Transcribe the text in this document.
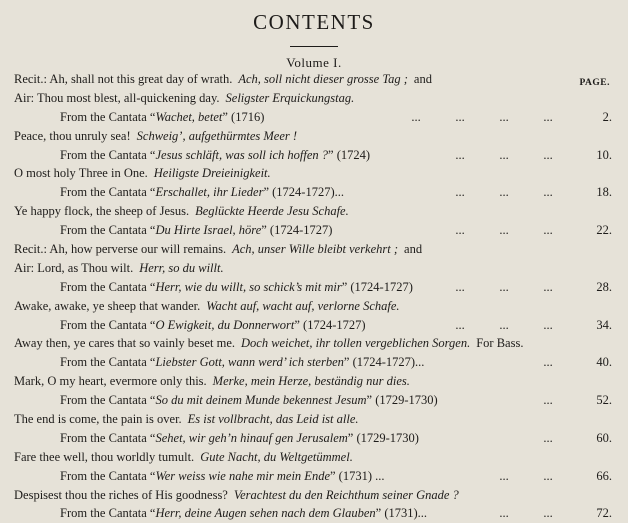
CONTENTS
Volume I.
PAGE.
Recit.: Ah, shall not this great day of wrath. Ach, soll nicht dieser grosse Tag ; and
Air: Thou most blest, all-quickening day. Seligster Erquickungstag.
From the Cantata “Wachet, betet” (1716)	...	...	...	...	2.
Peace, thou unruly sea! Schweig’, aufgethürmtes Meer !
From the Cantata “Jesus schläft, was soll ich hoffen ?” (1724)	...	...	...	10.
O most holy Three in One. Heiligste Dreieinigkeit.
From the Cantata “Erschallet, ihr Lieder” (1724-1727)...	...	...	...	18.
Ye happy flock, the sheep of Jesus. Beglückte Heerde Jesu Schafe.
From the Cantata “Du Hirte Israel, höre” (1724-1727)	...	...	...	22.
Recit.: Ah, how perverse our will remains. Ach, unser Wille bleibt verkehrt ; and
Air: Lord, as Thou wilt. Herr, so du willt.
From the Cantata “Herr, wie du willt, so schick’s mit mir” (1724-1727)	...	...	...	28.
Awake, awake, ye sheep that wander. Wacht auf, wacht auf, verlorne Schafe.
From the Cantata “O Ewigkeit, du Donnerwort” (1724-1727)	...	...	...	34.
Away then, ye cares that so vainly beset me. Doch weichet, ihr tollen vergeblichen Sorgen. For Bass.
From the Cantata “Liebster Gott, wann werd’ ich sterben” (1724-1727)...	...	40.
Mark, O my heart, evermore only this. Merke, mein Herze, beständig nur dies.
From the Cantata “So du mit deinem Munde bekennest Jesum” (1729-1730)	...	52.
The end is come, the pain is over. Es ist vollbracht, das Leid ist alle.
From the Cantata “Sehet, wir geh’n hinauf gen Jerusalem” (1729-1730)	...	60.
Fare thee well, thou worldly tumult. Gute Nacht, du Weltgetümmel.
From the Cantata “Wer weiss wie nahe mir mein Ende” (1731) ...	...	...	66.
Despisest thou the riches of His goodness? Verachtest du den Reichthum seiner Gnade ?
From the Cantata “Herr, deine Augen sehen nach dem Glauben” (1731)...	...	...	72.
